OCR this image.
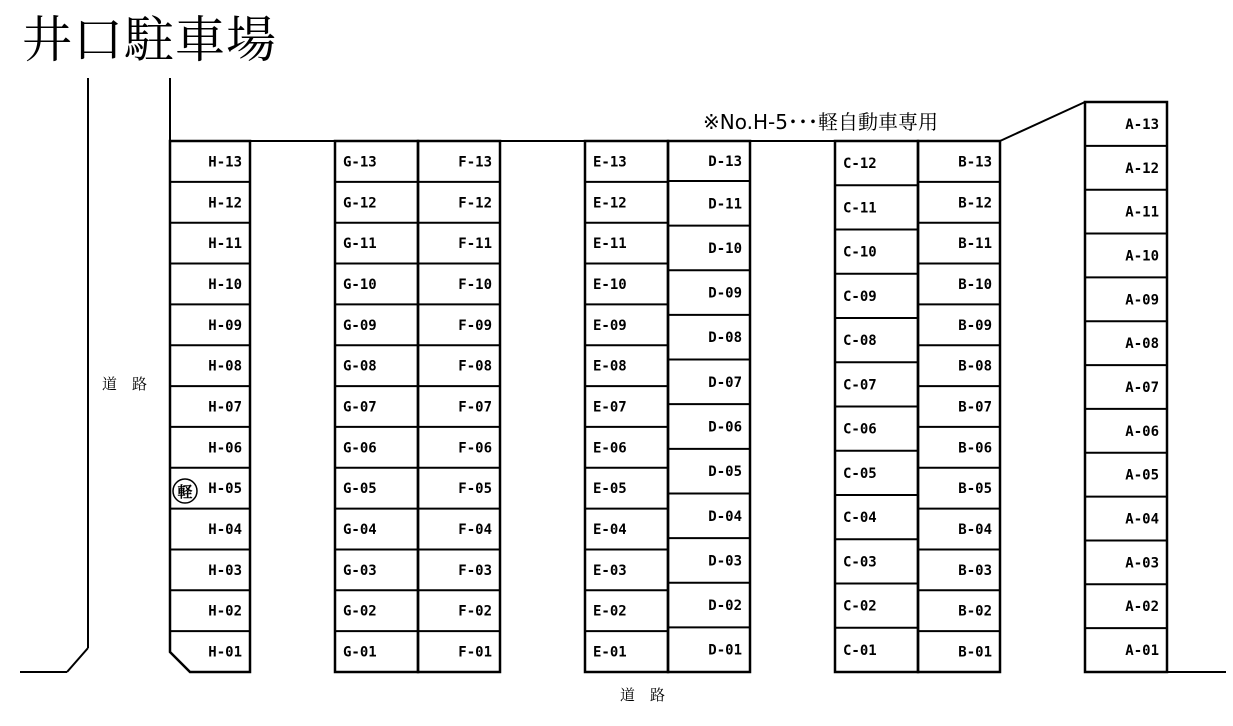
井口駐車場
H-13
H-12
H-11
H-10
H-09
H-08
H-07
H-06
H-05
H-04
H-03
H-02
H-01
G-13
G-12
G-11
G-10
G-09
G-08
G-07
G-06
G-05
G-04
G-03
G-02
G-01
F-13
F-12
F-11
F-10
F-09
F-08
F-07
F-06
F-05
F-04
F-03
F-02
F-01
E-13
E-12
E-11
E-10
E-09
E-08
E-07
E-06
E-05
E-04
E-03
E-02
E-01
D-13
D-11
D-10
D-09
D-08
D-07
D-06
D-05
D-04
D-03
D-02
D-01
C-12
C-11
C-10
C-09
C-08
C-07
C-06
C-05
C-04
C-03
C-02
C-01
B-13
B-12
B-11
B-10
B-09
B-08
B-07
B-06
B-05
B-04
B-03
B-02
B-01
A-13
A-12
A-11
A-10
A-09
A-08
A-07
A-06
A-05
A-04
A-03
A-02
A-01
※No.H-5･･･軽自動車専用
道　路
道　路
軽
